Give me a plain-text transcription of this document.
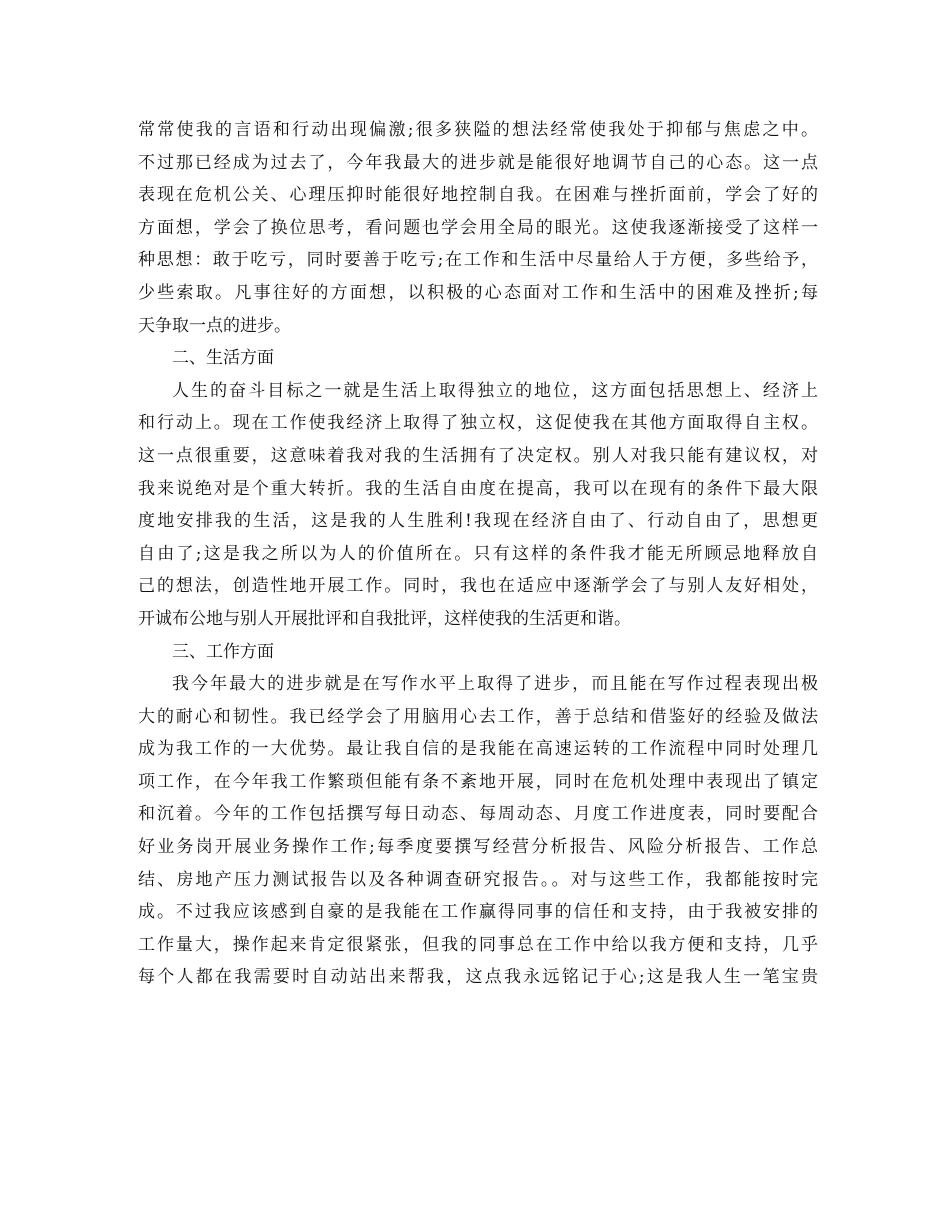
常常使我的言语和行动出现偏激;很多狭隘的想法经常使我处于抑郁与焦虑之中。
不过那已经成为过去了，今年我最大的进步就是能很好地调节自己的心态。这一点
表现在危机公关、心理压抑时能很好地控制自我。在困难与挫折面前，学会了好的
方面想，学会了换位思考，看问题也学会用全局的眼光。这使我逐渐接受了这样一
种思想：敢于吃亏，同时要善于吃亏;在工作和生活中尽量给人于方便，多些给予，
少些索取。凡事往好的方面想，以积极的心态面对工作和生活中的困难及挫折;每
天争取一点的进步。
二、生活方面
人生的奋斗目标之一就是生活上取得独立的地位，这方面包括思想上、经济上
和行动上。现在工作使我经济上取得了独立权，这促使我在其他方面取得自主权。
这一点很重要，这意味着我对我的生活拥有了决定权。别人对我只能有建议权，对
我来说绝对是个重大转折。我的生活自由度在提高，我可以在现有的条件下最大限
度地安排我的生活，这是我的人生胜利!我现在经济自由了、行动自由了，思想更
自由了;这是我之所以为人的价值所在。只有这样的条件我才能无所顾忌地释放自
己的想法，创造性地开展工作。同时，我也在适应中逐渐学会了与别人友好相处，
开诚布公地与别人开展批评和自我批评，这样使我的生活更和谐。
三、工作方面
我今年最大的进步就是在写作水平上取得了进步，而且能在写作过程表现出极
大的耐心和韧性。我已经学会了用脑用心去工作，善于总结和借鉴好的经验及做法
成为我工作的一大优势。最让我自信的是我能在高速运转的工作流程中同时处理几
项工作，在今年我工作繁琐但能有条不紊地开展，同时在危机处理中表现出了镇定
和沉着。今年的工作包括撰写每日动态、每周动态、月度工作进度表，同时要配合
好业务岗开展业务操作工作;每季度要撰写经营分析报告、风险分析报告、工作总
结、房地产压力测试报告以及各种调查研究报告。。对与这些工作，我都能按时完
成。不过我应该感到自豪的是我能在工作赢得同事的信任和支持，由于我被安排的
工作量大，操作起来肯定很紧张，但我的同事总在工作中给以我方便和支持，几乎
每个人都在我需要时自动站出来帮我，这点我永远铭记于心;这是我人生一笔宝贵
